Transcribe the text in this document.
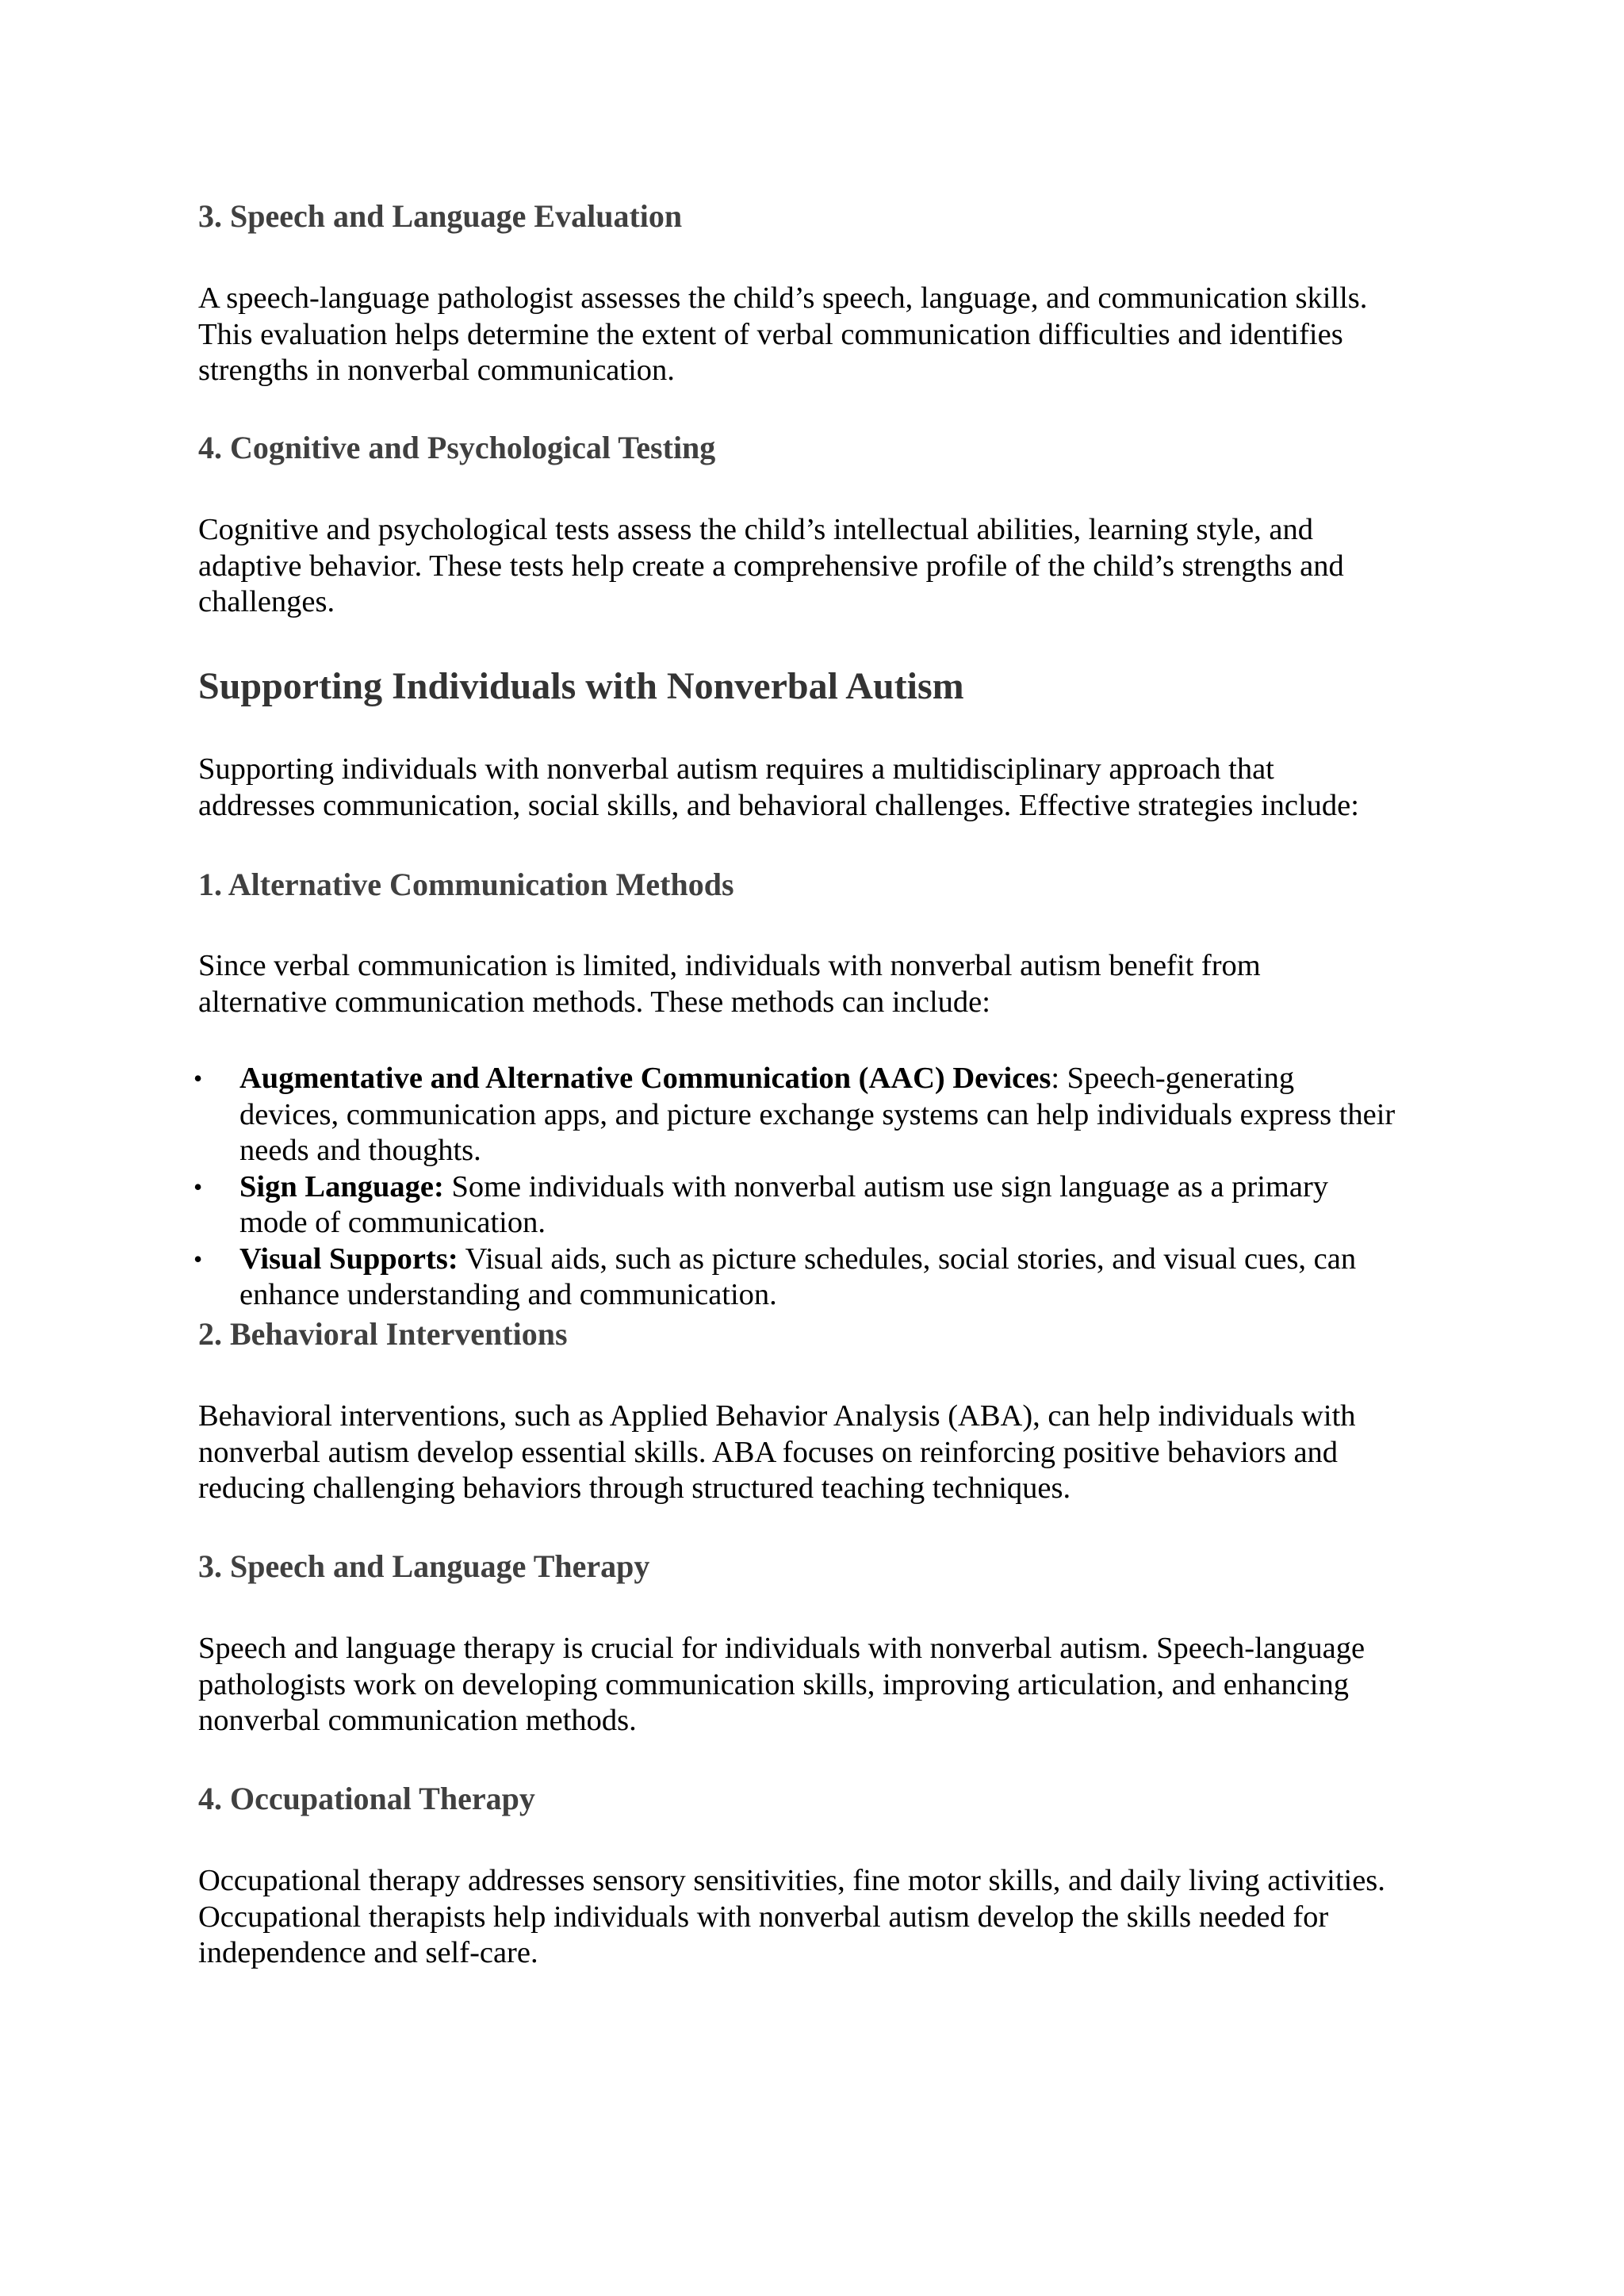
3. Speech and Language Evaluation

A speech-language pathologist assesses the child’s speech, language, and communication skills.
This evaluation helps determine the extent of verbal communication difficulties and identifies
strengths in nonverbal communication.

4. Cognitive and Psychological Testing

Cognitive and psychological tests assess the child’s intellectual abilities, learning style, and
adaptive behavior. These tests help create a comprehensive profile of the child’s strengths and
challenges.

Supporting Individuals with Nonverbal Autism

Supporting individuals with nonverbal autism requires a multidisciplinary approach that
addresses communication, social skills, and behavioral challenges. Effective strategies include:

1. Alternative Communication Methods

Since verbal communication is limited, individuals with nonverbal autism benefit from
alternative communication methods. These methods can include:

• Augmentative and Alternative Communication (AAC) Devices: Speech-generating
devices, communication apps, and picture exchange systems can help individuals express their
needs and thoughts.
• Sign Language: Some individuals with nonverbal autism use sign language as a primary
mode of communication.
• Visual Supports: Visual aids, such as picture schedules, social stories, and visual cues, can
enhance understanding and communication.
2. Behavioral Interventions

Behavioral interventions, such as Applied Behavior Analysis (ABA), can help individuals with
nonverbal autism develop essential skills. ABA focuses on reinforcing positive behaviors and
reducing challenging behaviors through structured teaching techniques.

3. Speech and Language Therapy

Speech and language therapy is crucial for individuals with nonverbal autism. Speech-language
pathologists work on developing communication skills, improving articulation, and enhancing
nonverbal communication methods.

4. Occupational Therapy

Occupational therapy addresses sensory sensitivities, fine motor skills, and daily living activities.
Occupational therapists help individuals with nonverbal autism develop the skills needed for
independence and self-care.
